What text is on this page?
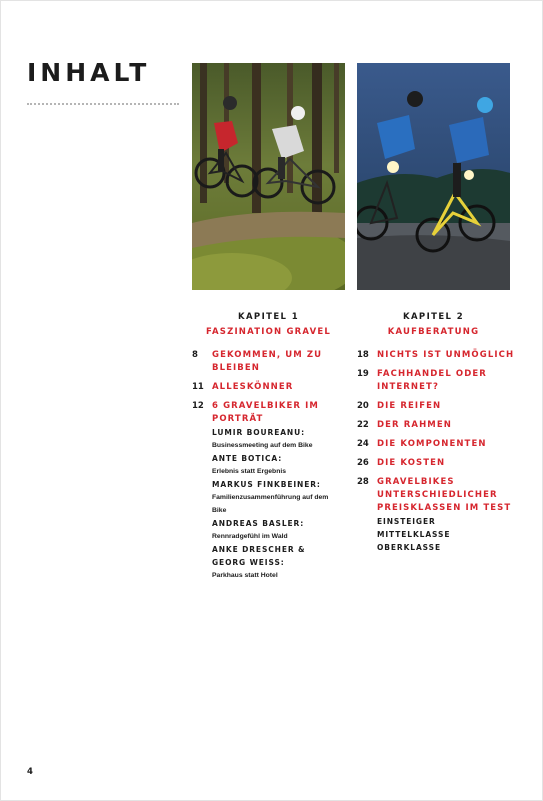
INHALT
KAPITEL 1
FASZINATION GRAVEL
KAPITEL 2
KAUFBERATUNG
8 GEKOMMEN, UM ZU BLEIBEN
11 ALLESKÖNNER
12 6 GRAVELBIKER IM PORTRÄT
LUMIR BOUREANU:
Businessmeeting auf dem Bike
ANTE BOTICA:
Erlebnis statt Ergebnis
MARKUS FINKBEINER:
Familienzusammenführung auf dem Bike
ANDREAS BASLER:
Rennradgefühl im Wald
ANKE DRESCHER & GEORG WEISS:
Parkhaus statt Hotel
18 NICHTS IST UNMÖGLICH
19 FACHHANDEL ODER INTERNET?
20 DIE REIFEN
22 DER RAHMEN
24 DIE KOMPONENTEN
26 DIE KOSTEN
28 GRAVELBIKES UNTERSCHIEDLICHER PREISKLASSEN IM TEST
EINSTEIGER
MITTELKLASSE
OBERKLASSE
4
